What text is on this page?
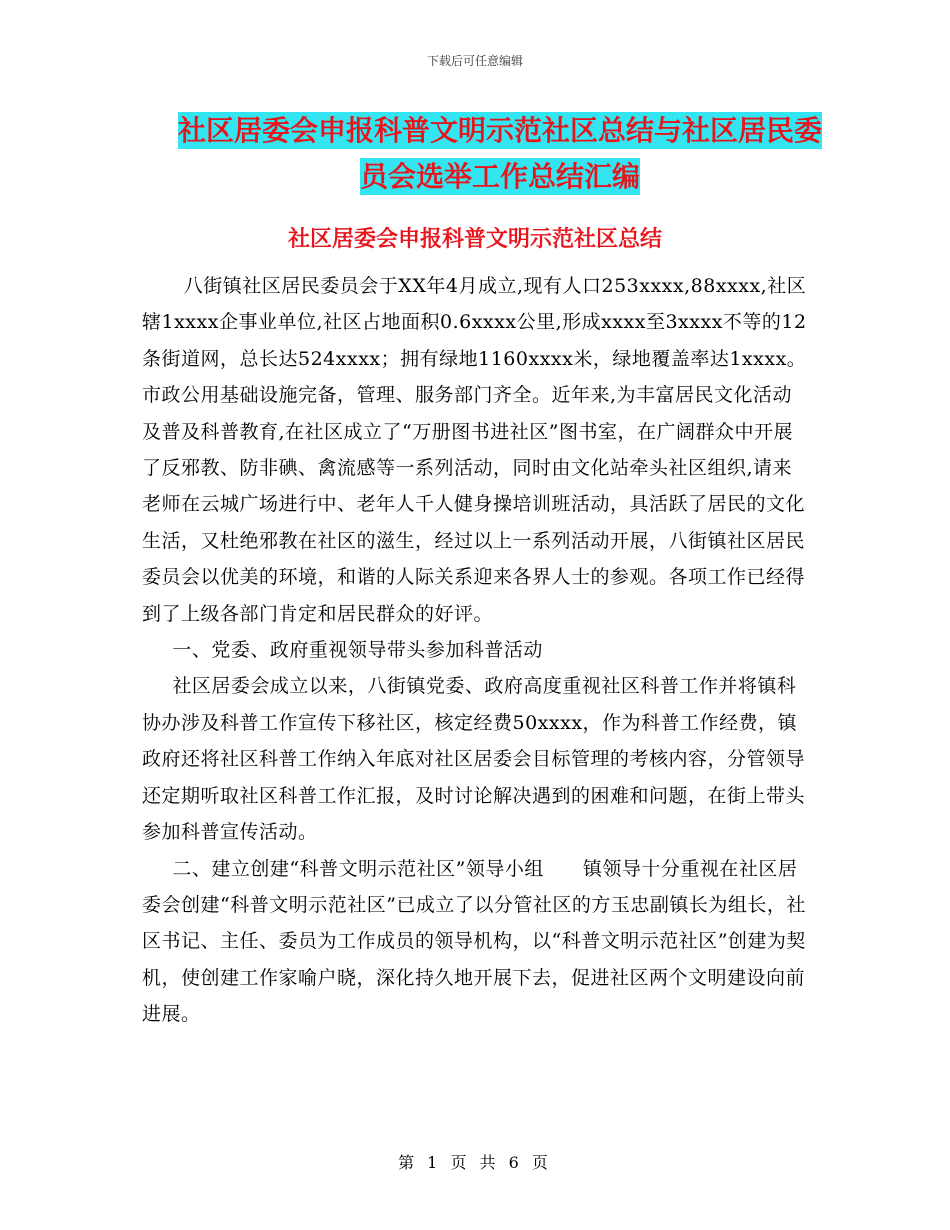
下载后可任意编辑
社区居委会申报科普文明示范社区总结与社区居民委
员会选举工作总结汇编
社区居委会申报科普文明示范社区总结

八街镇社区居民委员会于XX年4月成立,现有人口253xxxx,88xxxx,社区辖1xxxx企事业单位,社区占地面积0.6xxxx公里,形成xxxx至3xxxx不等的12条街道网，总长达524xxxx；拥有绿地1160xxxx米，绿地覆盖率达1xxxx。市政公用基础设施完备，管理、服务部门齐全。近年来,为丰富居民文化活动及普及科普教育,在社区成立了“万册图书进社区”图书室，在广阔群众中开展了反邪教、防非碘、禽流感等一系列活动，同时由文化站牵头社区组织,请来老师在云城广场进行中、老年人千人健身操培训班活动，具活跃了居民的文化生活，又杜绝邪教在社区的滋生，经过以上一系列活动开展，八街镇社区居民委员会以优美的环境，和谐的人际关系迎来各界人士的参观。各项工作已经得到了上级各部门肯定和居民群众的好评。

一、党委、政府重视领导带头参加科普活动

社区居委会成立以来，八街镇党委、政府高度重视社区科普工作并将镇科协办涉及科普工作宣传下移社区，核定经费50xxxx，作为科普工作经费，镇政府还将社区科普工作纳入年底对社区居委会目标管理的考核内容，分管领导还定期听取社区科普工作汇报，及时讨论解决遇到的困难和问题，在街上带头参加科普宣传活动。

二、建立创建“科普文明示范社区”领导小组　　镇领导十分重视在社区居委会创建“科普文明示范社区”已成立了以分管社区的方玉忠副镇长为组长，社区书记、主任、委员为工作成员的领导机构，以“科普文明示范社区”创建为契机，使创建工作家喻户晓，深化持久地开展下去，促进社区两个文明建设向前进展。

第 1 页 共 6 页
